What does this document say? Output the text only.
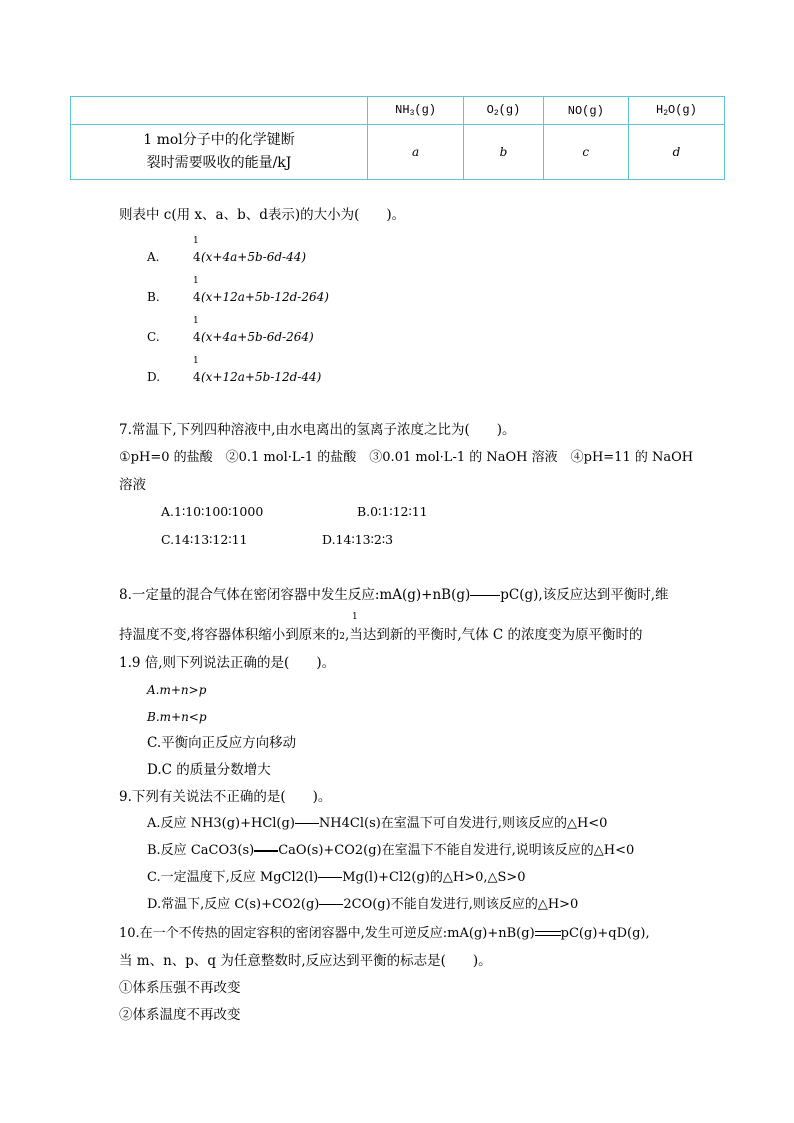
	$NH_3(g)$	$O_2(g)$	NO(g)	$H_2O(g)$

1 mol分子中的化学键断
裂时需要吸收的能量/kJ	a	b	c	d
则表中 c(用 x、a、b、d表示)的大小为(　　)。
A.
1
4 (x+4a+5b-6d-44)
B.
1
4 (x+12a+5b-12d-264)
C.
1
4 (x+4a+5b-6d-264)
D.
1
4 (x+12a+5b-12d-44)
7.常温下,下列四种溶液中,由水电离出的氢离子浓度之比为(　　)。
①pH=0 的盐酸　②0.1 mol·L-1 的盐酸　③0.01 mol·L-1 的 NaOH 溶液　④pH=11 的 NaOH
溶液
A.1∶10∶100∶1000	B.0∶1∶12∶11
C.14∶13∶12∶11	D.14∶13∶2∶3
8.一定量的混合气体在密闭容器中发生反应:mA(g)+nB(g) pC(g),该反应达到平衡时,维
1
持温度不变,将容器体积缩小到原来的2,当达到新的平衡时,气体 C 的浓度变为原平衡时的
1.9 倍,则下列说法正确的是(　　)。
A.m+n>p
B.m+n<p
C.平衡向正反应方向移动
D.C 的质量分数增大
9.下列有关说法不正确的是(　　)。
A.反应 NH3(g)+HCl(g) NH4Cl(s)在室温下可自发进行,则该反应的△H<0
B.反应 CaCO3(s) CaO(s)+CO2(g)在室温下不能自发进行,说明该反应的△H<0
C.一定温度下,反应 MgCl2(l) Mg(l)+Cl2(g)的△H>0,△S>0
D.常温下,反应 C(s)+CO2(g) 2CO(g)不能自发进行,则该反应的△H>0
10.在一个不传热的固定容积的密闭容器中,发生可逆反应:mA(g)+nB(g) pC(g)+qD(g),
当 m、n、p、q 为任意整数时,反应达到平衡的标志是(　　)。
①体系压强不再改变
②体系温度不再改变
